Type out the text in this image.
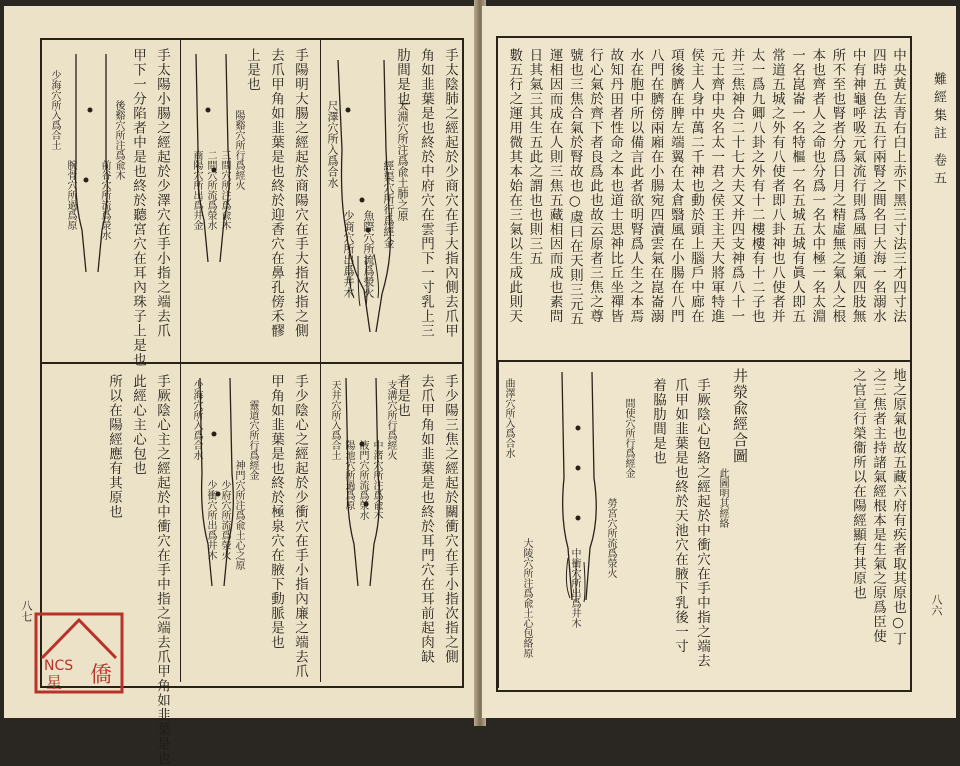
手太陰肺之經起於少商穴在手大指內側去爪甲
角如韭葉是也終於中府穴在雲門下一寸乳上三
肋間是也
太淵穴所注爲兪土肺之原
經渠穴所行爲經金
魚際穴所流爲滎火
少商穴所出爲井木
尺澤穴所入爲合水
手陽明大腸之經起於商陽穴在手大指次指之側
去爪甲角如韭葉是也終於迎香穴在鼻孔傍禾髎
上是也
陽谿穴所行爲經火
三間穴所注爲兪木
二間穴所流爲滎水
商陽穴所出爲井金
手太陽小腸之經起於少澤穴在手小指之端去爪
甲下一分陷者中是也終於聽宮穴在耳內珠子上是也
後谿穴所注爲兪木
前谷穴所流爲滎水
腕骨穴所過爲原
少海穴所入爲合土
手少陽三焦之經起於關衝穴在手小指次指之側
去爪甲角如韭葉是也終於耳門穴在耳前起肉缺
者是也
支溝穴所行爲經火
中渚穴所注爲兪木
液門穴所流爲滎水
陽池穴所過爲原
天井穴所入爲合土
手少陰心之經起於少衝穴在手小指內廉之端去爪
甲角如韭葉是也終於極泉穴在腋下動脈是也
靈道穴所行爲經金
神門穴所注爲兪土心之原
少府穴所流爲滎火
少衝穴所出爲井木
少海穴所入爲合水
手厥陰心主之經起於中衝穴在手中指之端去爪甲角如韭葉是也
此經心主心包也
所以在陽經應有其原也
八七
NCS
星 僑
難經集註 卷五
八六
中央黃左青右白上赤下黑三寸法三才四寸法
四時五色法五行兩腎之間名曰大海一名溺水
中有神龜呼吸元氣流行則爲風雨通氣四肢無
所不至也腎者分爲日月之精虛無之氣人之根
本也齊者人之命也分爲一名太中極一名太淵
一名崑崙一名特樞一名五城五城有眞人即五
常道五城之外有八使者即八卦神也八使者并
太一爲九卿八卦之外有十二樓樓有十二子也
并三焦神合二十七大夫又并四支神爲八十一
元士齊中央名太一君之侯王主天大將軍特進
侯主人身中萬二千神也動於頭上腦戶中廊在
項後臍在脾左端翼在太倉翳風在小腸在八門
八門在臍傍兩廂在小腸宛四瀆雲氣在崑崙溺
水在胞中所以備言此者欲明腎爲人生之本焉
故知丹田者性命之本也道士思神比丘坐禪皆
行心氣於齊下者良爲此也故云原者三焦之尊
號也三焦合氣於腎故也○虞曰在天則三元五
運相因而成在人則三焦五藏相因而成也素問
日其氣三其生五此之謂也也則三五
數五行之運用微其本始在三氣以生成此則天
地之原氣也故五藏六府有疾者取其原也○丁
之三焦者主持諸氣經根本是生氣之原爲臣使
之官宣行榮衞所以在陽經顯有其原也
井滎兪經合圖
此圖明其經絡
手厥陰心包絡之經起於中衝穴在手中指之端去
爪甲如韭葉是也終於天池穴在腋下乳後一寸
着脇肋間是也
間使穴所行爲經金
勞宮穴所流爲滎火
大陵穴所注爲兪土心包絡原	中衝穴所出爲井木
曲澤穴所入爲合水
